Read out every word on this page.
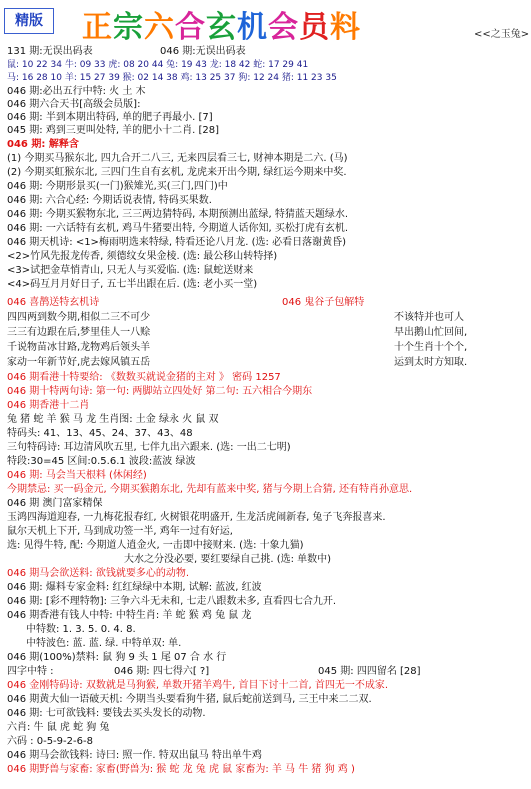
精版	正宗六合玄机会员料	<<之玉兔>
131 期:无误出码表	046 期:无误出码表
鼠: 10 22 34 牛: 09 33 虎: 08 20 44 兔: 19 43 龙: 18 42 蛇: 17 29 41
马: 16 28 10 羊: 15 27 39 猴: 02 14 38 鸡: 13 25 37 狗: 12 24 猪: 11 23 35
046 期:必出五行中特: 火 土 木
046 期六合天书[高级会员版]:
046 期: 半到本期出特码, 单的肥子再最小. [7]
045 期: 鸡到三更叫处特, 羊的肥小十二肖. [28]
046 期: 解释含
(1) 今期买马猴东北, 四九合开二八三, 无来四层看三七, 财神本期是二六. (马)
(2) 今期买虹猴东北, 三四门生自有玄机, 龙虎来开出今期, 绿红运今期来中奖.
046 期: 今期形景买(一门)猴雉光,买(三门,四门)中
046 期: 六合心经: 今期话说表情, 特码买果数.
046 期: 今期买猴物东北, 三三两边猜特码, 本期预测出蓝绿, 特猜蓝天题绿水.
046 期: 一六话特有玄机, 鸡马牛猪要出特, 今期道人话你知, 买松打虎有玄机.
046 期天机诗: <1>梅雨明选来特绿, 特看还论八月龙. (选: 必看日落谢黄昏)
<2>竹风先报龙传香, 须德纹女果金棱. (选: 最公移山转特择)
<3>试把金草悄青山, 只无人与买爱临. (选: 鼠蛇送财来
<4>码互月月好日子, 五七半出跟在后. (选: 老小买一堂)
046 喜鹊送特玄机诗	046 鬼谷子包解特
四四两到数今期,相似二三不可少
三三有边跟在后,梦里佳人一八赊
千说物苗冰甘路,龙物鸡后领头羊
家动一年新节好,虎去嫁风镇五岳
不该特并也可人
早出鹅山忙回间,
十个生肖十个个,
运到太时方知取.
046 期看港十特要给: 《数数买就说金猪的主对 》 密码 1257
046 期十特两句诗: 第一句: 两脚站立四处好 第二句: 五六相合今期东
046 期香港十二肖
兔 猪 蛇 羊 猴 马 龙 生肖图: 土金 绿永 火 鼠 双
特码头: 41、13、45、24、37、43、48
三句特码诗: 耳边清风吹五里, 七伴九出六跟来. (选: 一出二七明)
特段:30=45 区间:0.5.6.1 波段:蓝波 绿波
046 期: 马会当天根料 (休闲经)
今期禁忌: 买一码金元, 今期买猴鹅东北, 先却有蓝来中奖, 猪与今期上合猜, 还有特肖孙意思.
046 期 澳门富家精保
玉鸿四海道迎春, 一九梅花报春红, 火树银花明盛开, 生龙活虎闹新春, 兔子飞奔报喜来.
鼠尔天机上下开, 马到成功签一半, 鸡年一过有好运,
选: 见得牛特, 配: 今期道人逍金火, 一击即中接财来. (选: 十象九猫)
大水之分没必要, 要红要绿自己挑. (选: 单数中)
046 期马会欲送料: 欲钱就要多心的动物.
046 期: 爆料专家金料: 红红绿绿中本期, 试解: 蓝波, 红波
046 期: [彩不理特物]: 三争六斗无未和, 七走八跟数未多, 直看四七合九开.
046 期香港有钱人中特: 中特生肖: 羊 蛇 猴 鸡 兔 鼠 龙
中特数: 1. 3. 5. 0. 4. 8.
中特波色: 蓝. 蓝. 绿. 中特单双: 单.
046 期(100%)禁料: 鼠 狗 9 头 1 尾 07 合 水 行
四字中特 :	046 期: 四七得六[ ?]	045 期: 四四留名 [28]
046 金刚特码诗: 双数就是马狗猴, 单数开猪羊鸡牛, 首目下讨十二首, 首四无一不成家.
046 期黄大仙一语破天机: 今期当头要看狗牛猪, 鼠后蛇前送到马, 三王中来二二双.
046 期: 七可欲钱料: 要钱去买头发长的动物.
六肖: 牛 鼠 虎 蛇 狗 兔
六码 : 0-5-9-2-6-8
046 期马会欲钱料: 诗曰: 照一作. 特双出鼠马 特出单牛鸡
046 期野兽与家畜: 家畜(野兽为: 猴 蛇 龙 兔 虎 鼠 家畜为: 羊 马 牛 猪 狗 鸡 )
